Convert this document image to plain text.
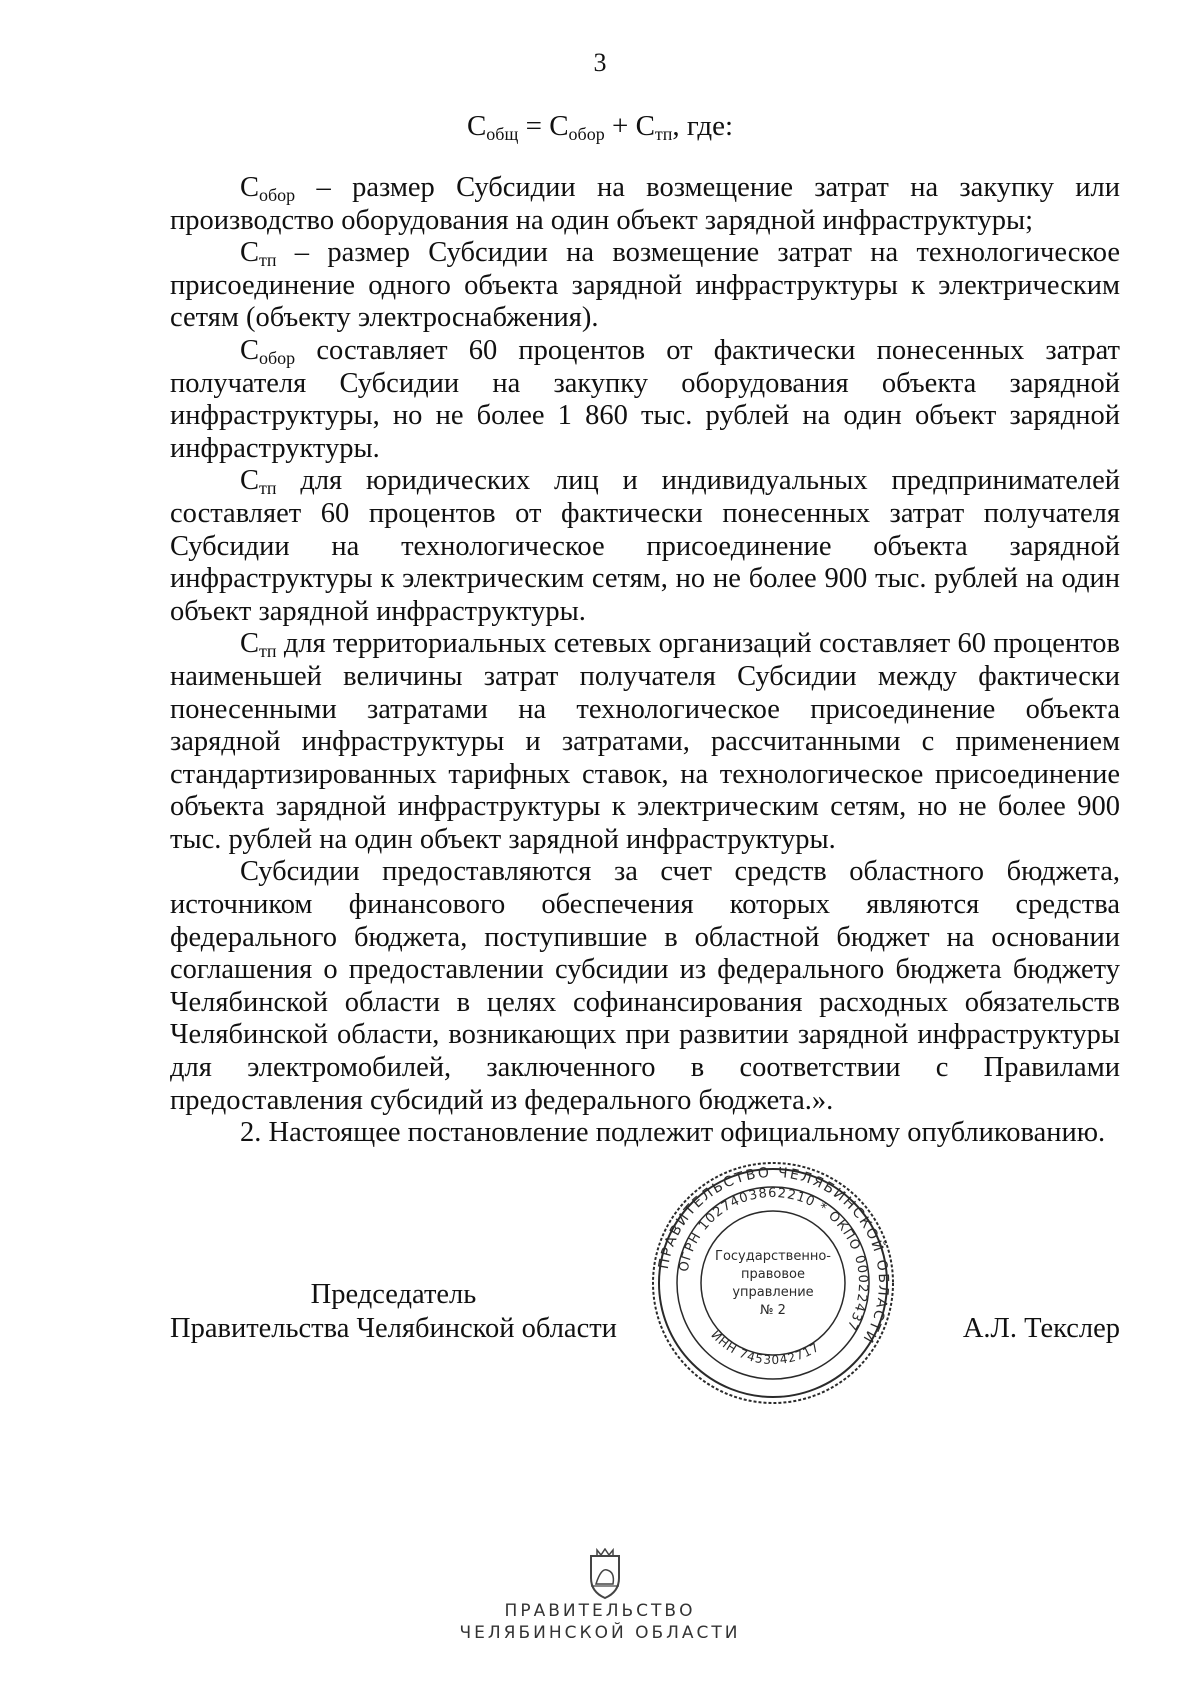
3
$С_{общ} = С_{обор} + С_{тп}$, где:

$С_{обор}$ – размер Субсидии на возмещение затрат на закупку или производство оборудования на один объект зарядной инфраструктуры;

$С_{тп}$ – размер Субсидии на возмещение затрат на технологическое присоединение одного объекта зарядной инфраструктуры к электрическим сетям (объекту электроснабжения).

$С_{обор}$ составляет 60 процентов от фактически понесенных затрат получателя Субсидии на закупку оборудования объекта зарядной инфраструктуры, но не более 1 860 тыс. рублей на один объект зарядной инфраструктуры.

$С_{тп}$ для юридических лиц и индивидуальных предпринимателей составляет 60 процентов от фактически понесенных затрат получателя Субсидии на технологическое присоединение объекта зарядной инфраструктуры к электрическим сетям, но не более 900 тыс. рублей на один объект зарядной инфраструктуры.

$С_{тп}$ для территориальных сетевых организаций составляет 60 процентов наименьшей величины затрат получателя Субсидии между фактически понесенными затратами на технологическое присоединение объекта зарядной инфраструктуры и затратами, рассчитанными с применением стандартизированных тарифных ставок, на технологическое присоединение объекта зарядной инфраструктуры к электрическим сетям, но не более 900 тыс. рублей на один объект зарядной инфраструктуры.

Субсидии предоставляются за счет средств областного бюджета, источником финансового обеспечения которых являются средства федерального бюджета, поступившие в областной бюджет на основании соглашения о предоставлении субсидии из федерального бюджета бюджету Челябинской области в целях софинансирования расходных обязательств Челябинской области, возникающих при развитии зарядной инфраструктуры для электромобилей, заключенного в соответствии с Правилами предоставления субсидий из федерального бюджета.».

2. Настоящее постановление подлежит официальному опубликованию.

Председатель
Правительства Челябинской области	А.Л. Текслер
ПРАВИТЕЛЬСТВО ЧЕЛЯБИНСКОЙ ОБЛАСТИ
ОГРН 1027403862210 * ОКПО 00022437
ИНН 7453042717
Государственно-
правовое
управление
№ 2
ПРАВИТЕЛЬСТВО
ЧЕЛЯБИНСКОЙ ОБЛАСТИ
